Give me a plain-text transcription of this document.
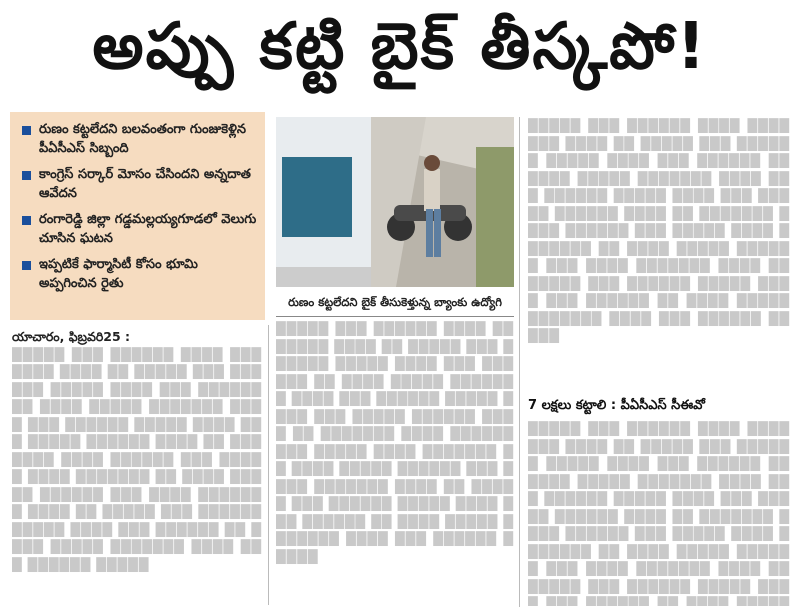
అప్పు కట్టి బైక్ తీస్కపో!
రుణం కట్టలేదని బలవంతంగా గుంజుకెళ్లిన పీఏసీఎస్ సిబ్బంది
కాంగ్రెస్ సర్కార్ మోసం చేసిందని అన్నదాత ఆవేదన
రంగారెడ్డి జిల్లా గడ్డమల్లయ్యగూడలో వెలుగు చూసిన ఘటన
ఇప్పటికే ఫార్మాసిటీ కోసం భూమి అప్పగించిన రైతు
రుణం కట్టలేదని బైక్ తీసుకెళ్తున్న బ్యాంకు ఉద్యోగి
యాచారం, ఫిబ్రవరి25 :
█████ ███ ██████ ████ ███████ ████ ██ █████ ███ ██████ █████ ████ ███ ██████ ██ ████ █████ ███████ ████ ███ ██████ █████ ████ ███ █████ ██████ ████ ██ ███████ ████ ██████ ███ █████ ████ ███████ ██ ████ █████ ██████ ███ ████ ███████ ████ ██ █████ ███ ██████ █████ ████ ███ ██████ ██ ████ █████ ███████ ████ ███ ██████ █████
█████ ███ ██████ ████ ███████ ████ ██ █████ ███ ██████ █████ ████ ███ ██████ ██ ████ █████ ███████ ████ ███ ██████ █████ ████ ███ █████ ██████ ████ ██ ███████ ████ ██████ ███ █████ ████ ███████ ██ ████ █████ ██████ ███ ████ ███████ ████ ██ █████ ███ ██████ █████ ████ ███ ██████ ██ ████ █████ ███████ ████ ███ ██████ █████
█████ ███ ██████ ████ ███████ ████ ██ █████ ███ ██████ █████ ████ ███ ██████ ██ ████ █████ ███████ ████ ███ ██████ █████ ████ ███ █████ ██████ ████ ██ ███████ ████ ██████ ███ █████ ████ ███████ ██ ████ █████ ██████ ███ ████ ███████ ████ ██ █████ ███ ██████ █████ ████ ███ ██████ ██ ████ █████ ███████ ████ ███ ██████ █████
7 లక్షలు కట్టాలి : పీఏసీఎస్ సీఈవో
█████ ███ ██████ ████ ███████ ████ ██ █████ ███ ██████ █████ ████ ███ ██████ ██ ████ █████ ███████ ████ ███ ██████ █████ ████ ███ █████ ██████ ████ ██ ███████ ████ ██████ ███ █████ ████ ███████ ██ ████ █████ ██████ ███ ████ ███████ ████ ██ █████ ███ ██████ █████ ████ ███ ██████ ██ ████ █████ ███████ ████ ███ ██████ █████
